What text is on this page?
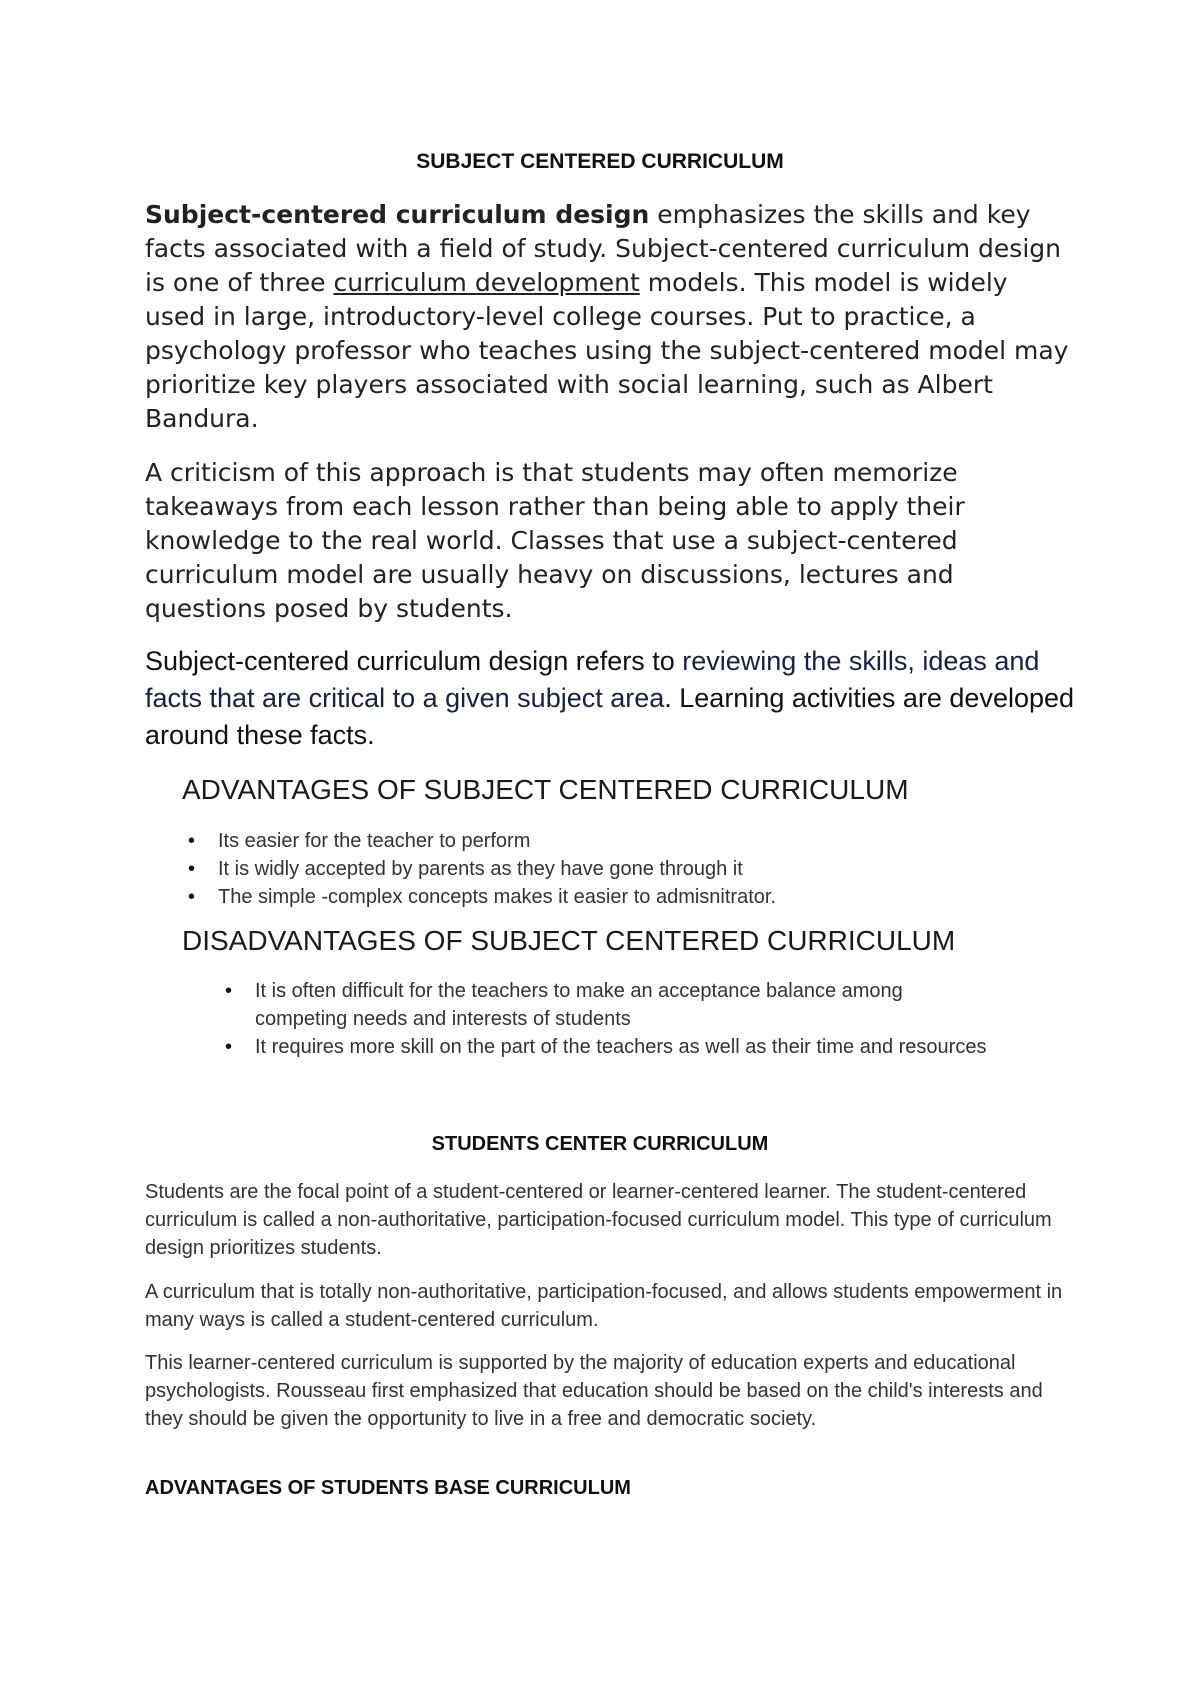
SUBJECT CENTERED CURRICULUM

Subject-centered curriculum design emphasizes the skills and key facts associated with a field of study. Subject-centered curriculum design is one of three curriculum development models. This model is widely used in large, introductory-level college courses. Put to practice, a psychology professor who teaches using the subject-centered model may prioritize key players associated with social learning, such as Albert Bandura.

A criticism of this approach is that students may often memorize takeaways from each lesson rather than being able to apply their knowledge to the real world. Classes that use a subject-centered curriculum model are usually heavy on discussions, lectures and questions posed by students.

Subject-centered curriculum design refers to reviewing the skills, ideas and facts that are critical to a given subject area. Learning activities are developed around these facts.

ADVANTAGES OF SUBJECT CENTERED CURRICULUM
• Its easier for the teacher to perform
• It is widly accepted by parents as they have gone through it
• The simple -complex concepts makes it easier to admisnitrator.
DISADVANTAGES OF SUBJECT CENTERED CURRICULUM
• It is often difficult for the teachers to make an acceptance balance among competing needs and interests of students
• It requires more skill on the part of the teachers as well as their time and resources
STUDENTS CENTER CURRICULUM

Students are the focal point of a student-centered or learner-centered learner. The student-centered curriculum is called a non-authoritative, participation-focused curriculum model. This type of curriculum design prioritizes students.

A curriculum that is totally non-authoritative, participation-focused, and allows students empowerment in many ways is called a student-centered curriculum.

This learner-centered curriculum is supported by the majority of education experts and educational psychologists. Rousseau first emphasized that education should be based on the child's interests and they should be given the opportunity to live in a free and democratic society.

ADVANTAGES OF STUDENTS BASE CURRICULUM
